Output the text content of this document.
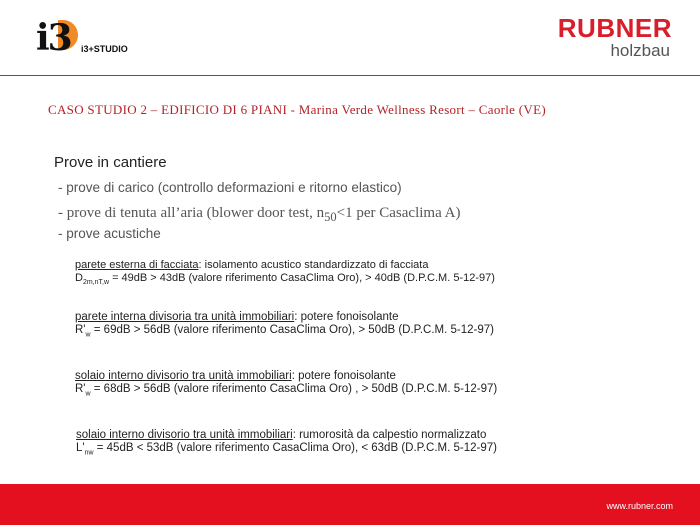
i3 i3+STUDIO
RUBNER
holzbau
CASO STUDIO 2 – EDIFICIO DI 6 PIANI - Marina Verde Wellness Resort – Caorle (VE)
Prove in cantiere
- prove di carico (controllo deformazioni e ritorno elastico)
- prove di tenuta all’aria (blower door test, $n_{50}<1$ per Casaclima A)
- prove acustiche
parete esterna di facciata: isolamento acustico standardizzato di facciata
$D_{2m,nT,w} = 49dB > 43dB$ (valore riferimento CasaClima Oro), > 40dB (D.P.C.M. 5-12-97)
parete interna divisoria tra unità immobiliari: potere fonoisolante
$R'_w = 69dB > 56dB$ (valore riferimento CasaClima Oro), > 50dB (D.P.C.M. 5-12-97)
solaio interno divisorio tra unità immobiliari: potere fonoisolante
$R'_w = 68dB > 56dB$ (valore riferimento CasaClima Oro) , > 50dB (D.P.C.M. 5-12-97)
solaio interno divisorio tra unità immobiliari: rumorosità da calpestio normalizzato
$L'_{nw} = 45dB < 53dB$ (valore riferimento CasaClima Oro), < 63dB (D.P.C.M. 5-12-97)
www.rubner.com
